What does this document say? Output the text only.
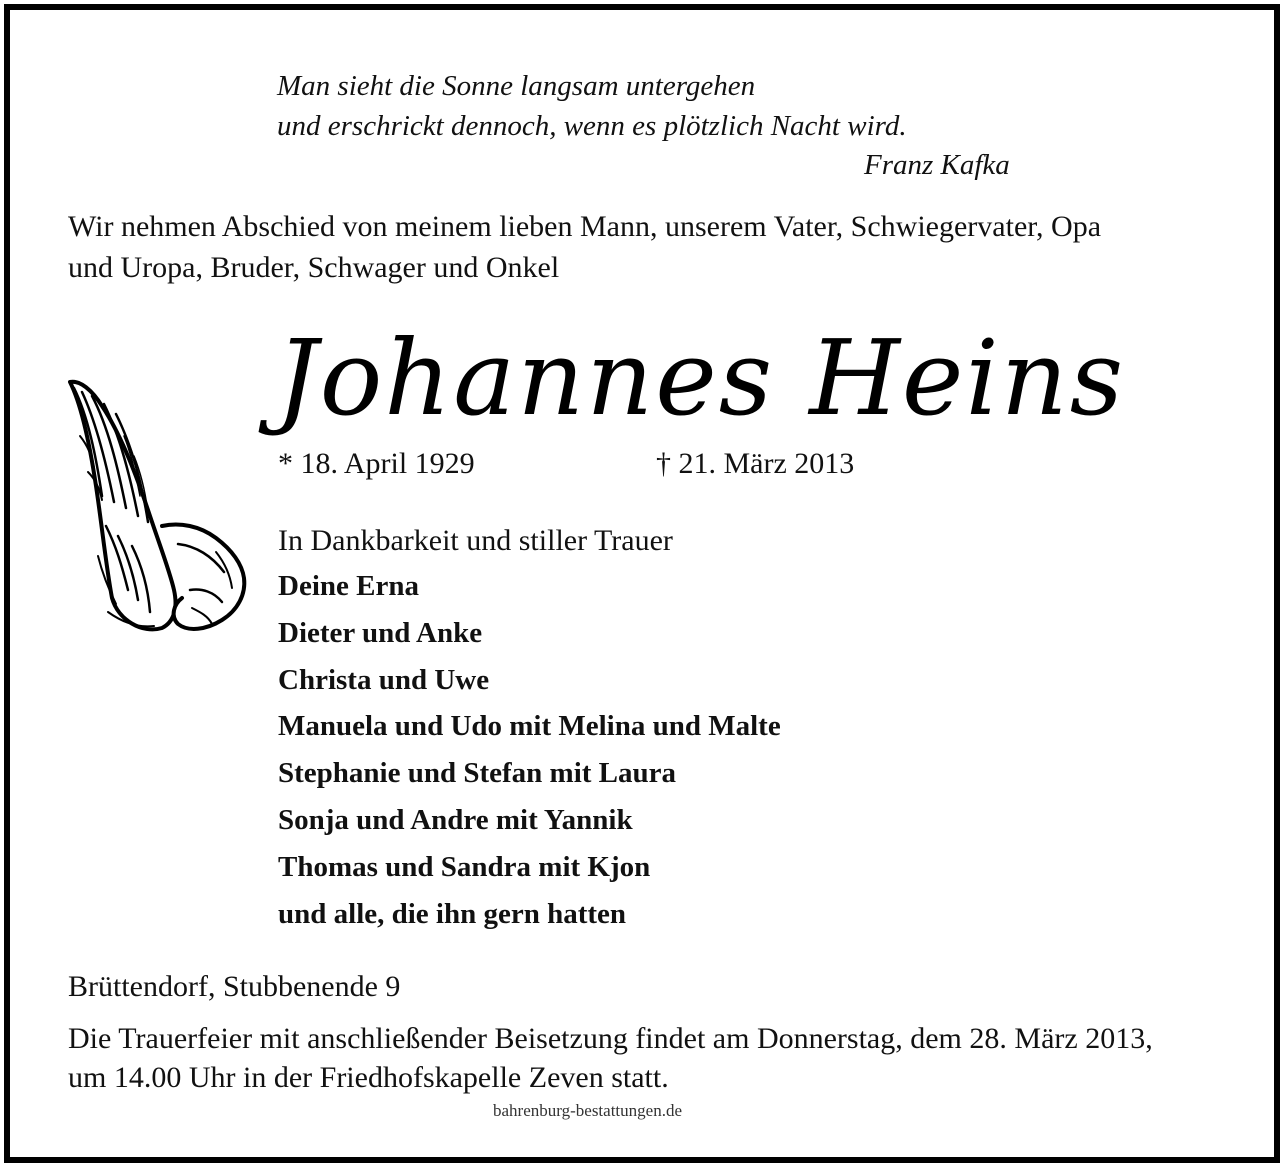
Man sieht die Sonne langsam untergehen
und erschrickt dennoch, wenn es plötzlich Nacht wird.
Franz Kafka
Wir nehmen Abschied von meinem lieben Mann, unserem Vater, Schwiegervater, Opa
und Uropa, Bruder, Schwager und Onkel
Johannes Heins
* 18. April 1929	† 21. März 2013
In Dankbarkeit und stiller Trauer
Deine Erna
Dieter und Anke
Christa und Uwe
Manuela und Udo mit Melina und Malte
Stephanie und Stefan mit Laura
Sonja und Andre mit Yannik
Thomas und Sandra mit Kjon
und alle, die ihn gern hatten
Brüttendorf, Stubbenende 9
Die Trauerfeier mit anschließender Beisetzung findet am Donnerstag, dem 28. März 2013,
um 14.00 Uhr in der Friedhofskapelle Zeven statt.
bahrenburg-bestattungen.de
